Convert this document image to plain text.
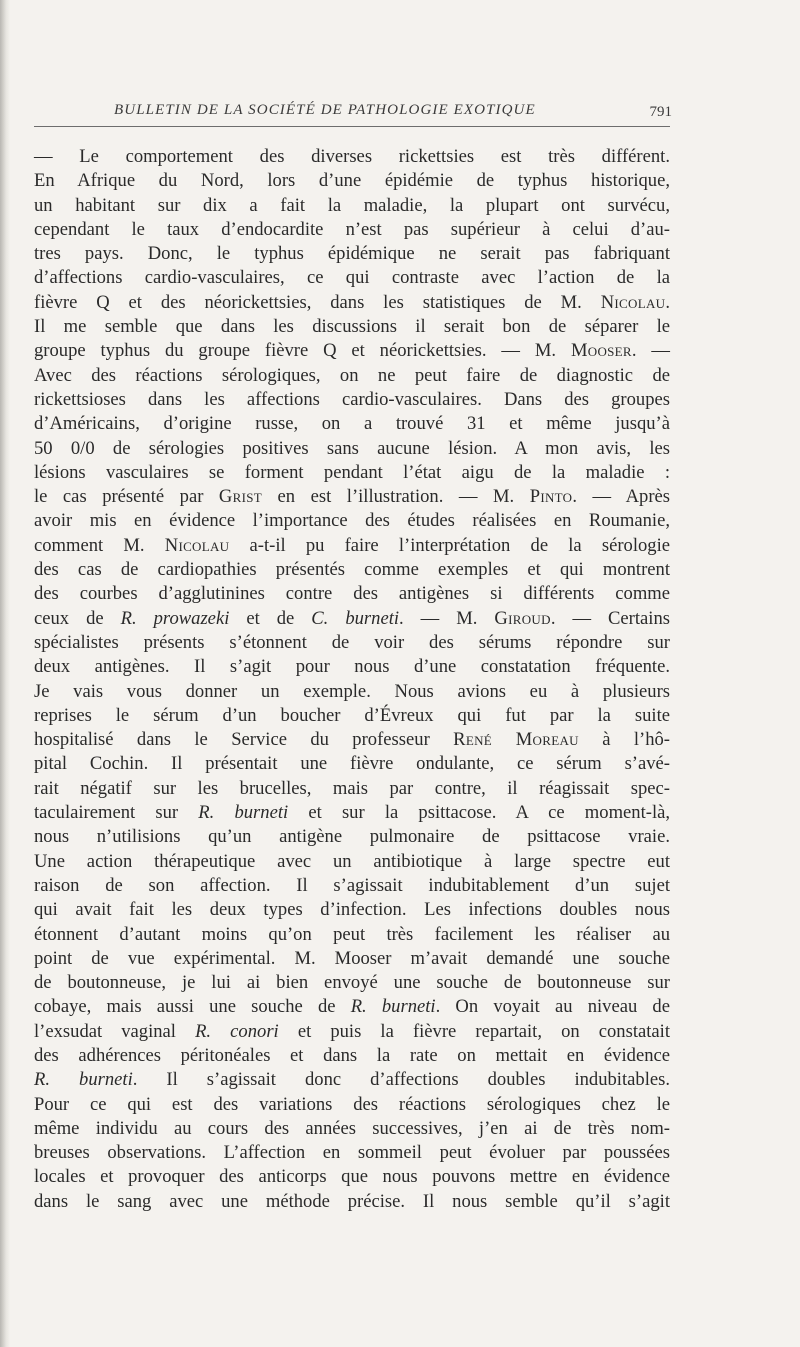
BULLETIN DE LA SOCIÉTÉ DE PATHOLOGIE EXOTIQUE	791

— Le comportement des diverses rickettsies est très différent.

En Afrique du Nord, lors d’une épidémie de typhus historique,

un habitant sur dix a fait la maladie, la plupart ont survécu,

cependant le taux d’endocardite n’est pas supérieur à celui d’au-

tres pays. Donc, le typhus épidémique ne serait pas fabriquant

d’affections cardio-vasculaires, ce qui contraste avec l’action de la

fièvre Q et des néorickettsies, dans les statistiques de M. Nicolau.

Il me semble que dans les discussions il serait bon de séparer le

groupe typhus du groupe fièvre Q et néorickettsies. — M. Mooser. —

Avec des réactions sérologiques, on ne peut faire de diagnostic de

rickettsioses dans les affections cardio-vasculaires. Dans des groupes

d’Américains, d’origine russe, on a trouvé 31 et même jusqu’à

50 0/0 de sérologies positives sans aucune lésion. A mon avis, les

lésions vasculaires se forment pendant l’état aigu de la maladie :

le cas présenté par Grist en est l’illustration. — M. Pinto. — Après

avoir mis en évidence l’importance des études réalisées en Roumanie,

comment M. Nicolau a-t-il pu faire l’interprétation de la sérologie

des cas de cardiopathies présentés comme exemples et qui montrent

des courbes d’agglutinines contre des antigènes si différents comme

ceux de R. prowazeki et de C. burneti. — M. Giroud. — Certains

spécialistes présents s’étonnent de voir des sérums répondre sur

deux antigènes. Il s’agit pour nous d’une constatation fréquente.

Je vais vous donner un exemple. Nous avions eu à plusieurs

reprises le sérum d’un boucher d’Évreux qui fut par la suite

hospitalisé dans le Service du professeur René Moreau à l’hô-

pital Cochin. Il présentait une fièvre ondulante, ce sérum s’avé-

rait négatif sur les brucelles, mais par contre, il réagissait spec-

taculairement sur R. burneti et sur la psittacose. A ce moment-là,

nous n’utilisions qu’un antigène pulmonaire de psittacose vraie.

Une action thérapeutique avec un antibiotique à large spectre eut

raison de son affection. Il s’agissait indubitablement d’un sujet

qui avait fait les deux types d’infection. Les infections doubles nous

étonnent d’autant moins qu’on peut très facilement les réaliser au

point de vue expérimental. M. Mooser m’avait demandé une souche

de boutonneuse, je lui ai bien envoyé une souche de boutonneuse sur

cobaye, mais aussi une souche de R. burneti. On voyait au niveau de

l’exsudat vaginal R. conori et puis la fièvre repartait, on constatait

des adhérences péritonéales et dans la rate on mettait en évidence

R. burneti. Il s’agissait donc d’affections doubles indubitables.

Pour ce qui est des variations des réactions sérologiques chez le

même individu au cours des années successives, j’en ai de très nom-

breuses observations. L’affection en sommeil peut évoluer par poussées

locales et provoquer des anticorps que nous pouvons mettre en évidence

dans le sang avec une méthode précise. Il nous semble qu’il s’agit
